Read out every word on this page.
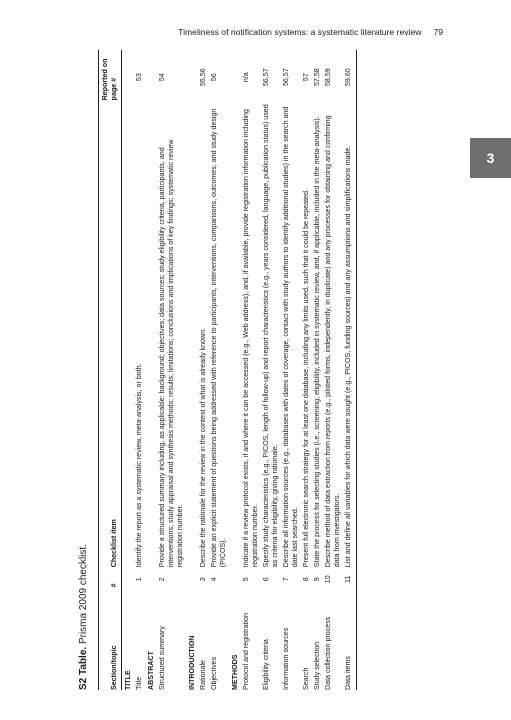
Timeliness of notification systems: a systematic literature review 79
3
S2 Table. Prisma 2009 checklist.
Section/topic	#	Checklist item	Reported on page #
TITLE			
Title	1	Identify the report as a systematic review, meta-analysis, or both.	53
ABSTRACT			
Structured summary	2	Provide a structured summary including, as applicable: background; objectives; data sources; study eligibility criteria, participants, and interventions; study appraisal and synthesis methods; results; limitations; conclusions and implications of key findings; systematic review registration number.	54
INTRODUCTION			
Rationale	3	Describe the rationale for the review in the context of what is already known.	55,56
Objectives	4	Provide an explicit statement of questions being addressed with reference to participants, interventions, comparisons, outcomes, and study design (PICOS).	56
METHODS			
Protocol and registration	5	Indicate if a review protocol exists, if and where it can be accessed (e.g., Web address), and, if available, provide registration information including registration number.	n/a
Eligibility criteria	6	Specify study characteristics (e.g., PICOS, length of follow-up) and report characteristics (e.g., years considered, language, publication status) used as criteria for eligibility, giving rationale.	56,57
Information sources	7	Describe all information sources (e.g., databases with dates of coverage, contact with study authors to identify additional studies) in the search and date last searched.	56,57
Search	8	Present full electronic search strategy for at least one database, including any limits used, such that it could be repeated.	57
Study selection	9	State the process for selecting studies (i.e., screening, eligibility, included in systematic review, and, if applicable, included in the meta-analysis).	57,58
Data collection process	10	Describe method of data extraction from reports (e.g., piloted forms, independently, in duplicate) and any processes for obtaining and confirming data from investigators.	58,59
Data items	11	List and define all variables for which data were sought (e.g., PICOS, funding sources) and any assumptions and simplifications made.	59,60
